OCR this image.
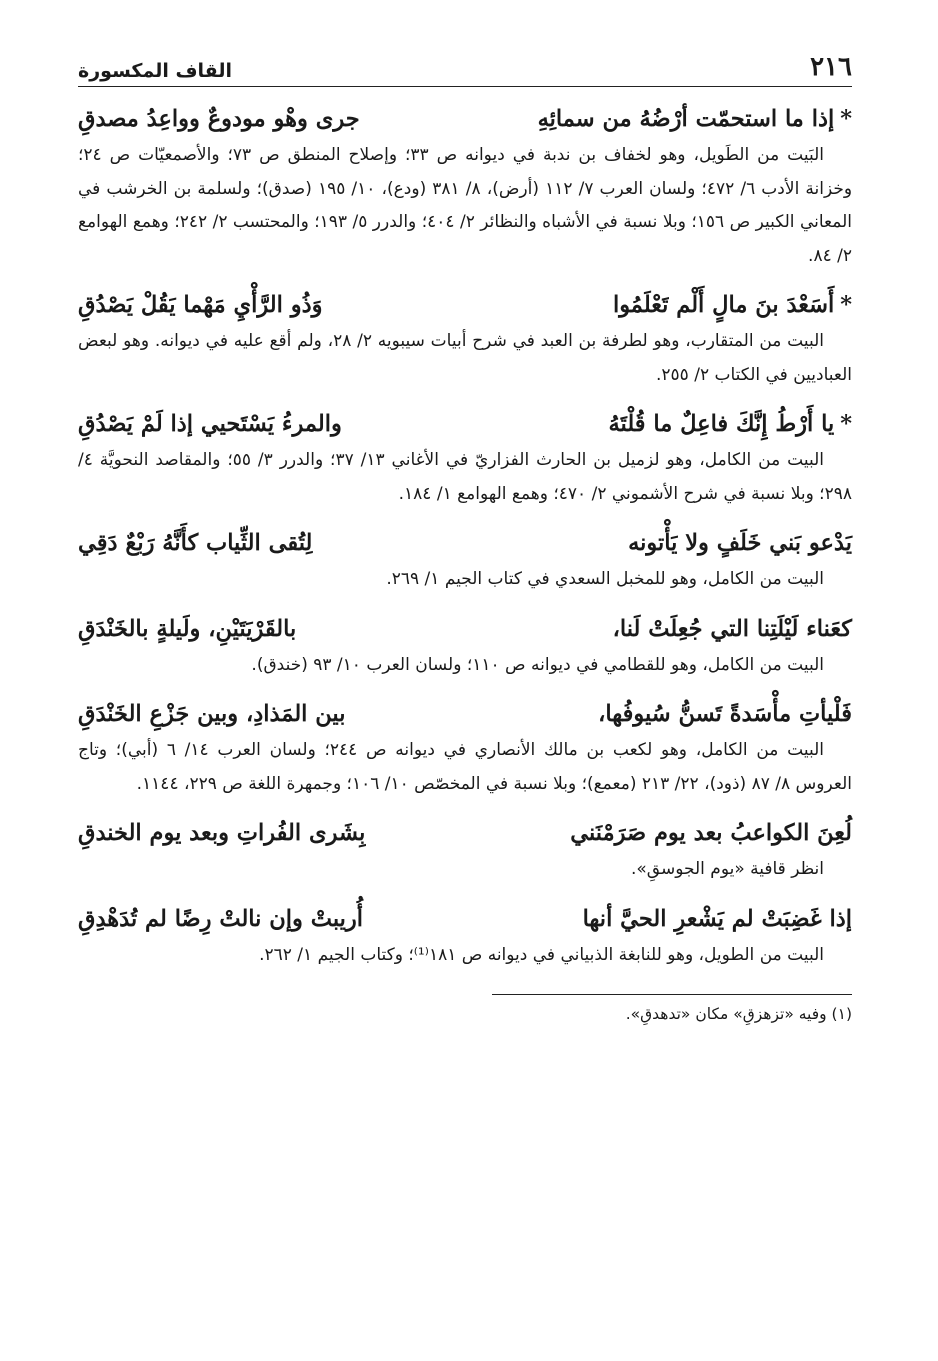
٢١٦
القاف المكسورة
*إذا ما استحمّت أرْضُهُ من سمائِهِ
جرى وهْو مودوعٌ وواعِدُ مصدقِ
البَيت من الطَويل، وهو لخفاف بن ندبة في ديوانه ص ٣٣؛ وإصلاح المنطق ص ٧٣؛ والأصمعيّات ص ٢٤؛ وخزانة الأدب ٦/ ٤٧٢؛ ولسان العرب ٧/ ١١٢ (أرض)، ٨/ ٣٨١ (ودع)، ١٠/ ١٩٥ (صدق)؛ ولسلمة بن الخرشب في المعاني الكبير ص ١٥٦؛ وبلا نسبة في الأشباه والنظائر ٢/ ٤٠٤؛ والدرر ٥/ ١٩٣؛ والمحتسب ٢/ ٢٤٢؛ وهمع الهوامع ٢/ ٨٤.
*أَسَعْدَ بنَ مالٍ أَلْم تَعْلَمُوا
وَذُو الرَّأْيِ مَهْما يَقُلْ يَصْدُقِ
البيت من المتقارب، وهو لطرفة بن العبد في شرح أبيات سيبويه ٢/ ٢٨، ولم أقع عليه في ديوانه. وهو لبعض العباديين في الكتاب ٢/ ٢٥٥.
*يا أَرْطُ إِنَّكَ فاعِلٌ ما قُلْتَهُ
والمرءُ يَسْتَحيي إذا لَمْ يَصْدُقِ
البيت من الكامل، وهو لزميل بن الحارث الفزاريّ في الأغاني ١٣/ ٣٧؛ والدرر ٣/ ٥٥؛ والمقاصد النحويَّة ٤/ ٢٩٨؛ وبلا نسبة في شرح الأشموني ٢/ ٤٧٠؛ وهمع الهوامع ١/ ١٨٤.
يَدْعو بَني خَلَفٍ ولا يَأْتونه
لِتُقى الثِّياب كأَنَّهُ رَبْعٌ دَقِي
البيت من الكامل، وهو للمخبل السعدي في كتاب الجيم ١/ ٢٦٩.
كعَناء لَيْلَتِنا التي جُعِلَتْ لَنا،
بالقَرْيَتَيْنِ، ولَيلةٍ بالخَنْدَقِ
البيت من الكامل، وهو للقطامي في ديوانه ص ١١٠؛ ولسان العرب ١٠/ ٩٣ (خندق).
فَلْيأتِ مأْسَدةً تَسنُّ سُيوفُها،
بين المَذادِ، وبين جَزْعِ الخَنْدَقِ
البيت من الكامل، وهو لكعب بن مالك الأنصاري في ديوانه ص ٢٤٤؛ ولسان العرب ١٤/ ٦ (أبي)؛ وتاج العروس ٨/ ٨٧ (ذود)، ٢٢/ ٢١٣ (معمع)؛ وبلا نسبة في المخصّص ١٠/ ١٠٦؛ وجمهرة اللغة ص ٢٢٩، ١١٤٤.
لُعِنَ الكواعبُ بعد يوم صَرَمْنَني
بِشَرى الفُراتِ وبعد يوم الخندقِ
انظر قافية «يوم الجوسقِ».
إذا غَضِبَتْ لم يَشْعرِ الحيَّ أنها
أُريبتْ وإن نالتْ رِضًا لم تُدَهْدِقِ
البيت من الطويل، وهو للنابغة الذبياني في ديوانه ص ١٨١⁽¹⁾؛ وكتاب الجيم ١/ ٢٦٢.
(١) وفيه «تزهزقِ» مكان «تدهدقِ».
